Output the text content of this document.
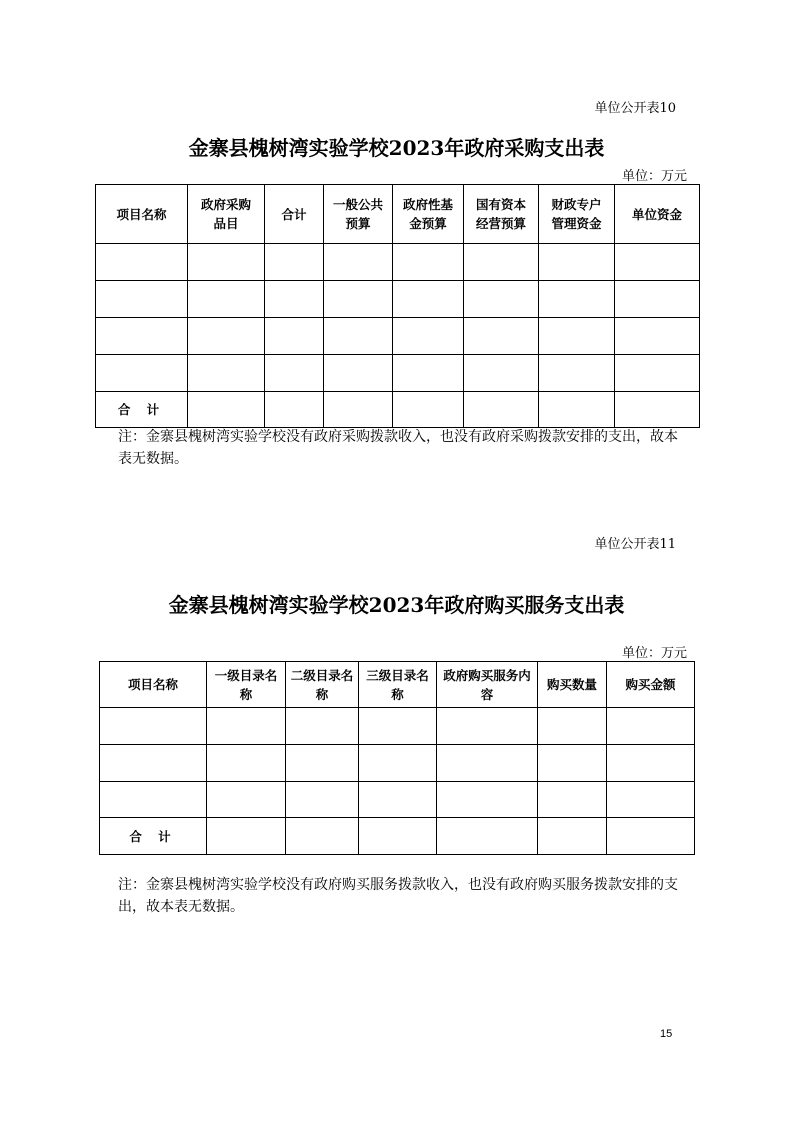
单位公开表10
金寨县槐树湾实验学校2023年政府采购支出表
单位：万元
项目名称	政府采购品目	合计	一般公共预算	政府性基金预算	国有资本经营预算	财政专户管理资金	单位资金

合 计							
注：金寨县槐树湾实验学校没有政府采购拨款收入，也没有政府采购拨款安排的支出，故本表无数据。
单位公开表11
金寨县槐树湾实验学校2023年政府购买服务支出表
单位：万元
项目名称	一级目录名称	二级目录名称	三级目录名称	政府购买服务内容	购买数量	购买金额

合 计						
注：金寨县槐树湾实验学校没有政府购买服务拨款收入，也没有政府购买服务拨款安排的支出，故本表无数据。
15
